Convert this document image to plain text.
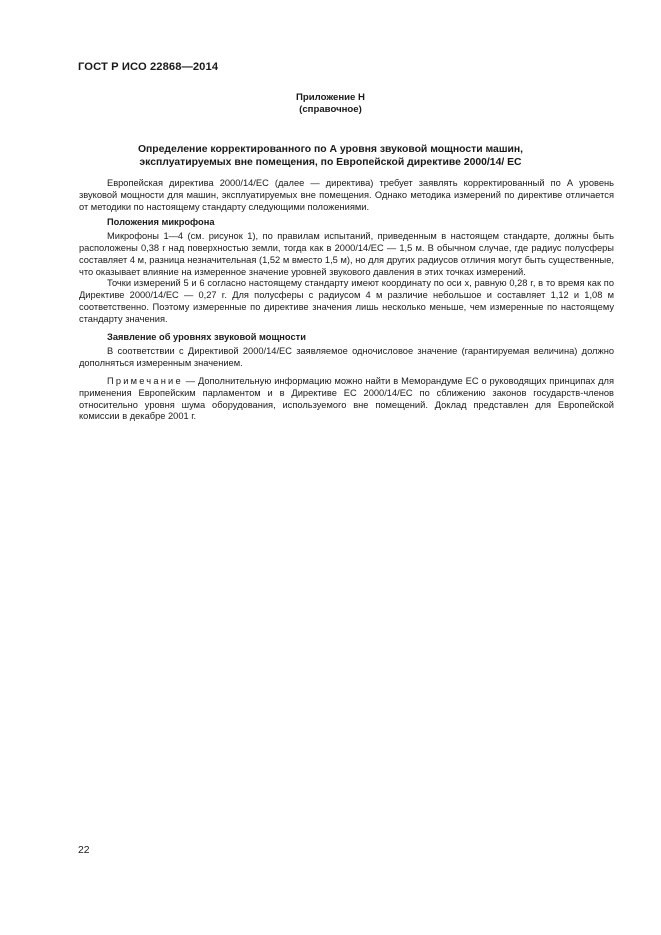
ГОСТ Р ИСО 22868—2014
Приложение Н
(справочное)
Определение корректированного по А уровня звуковой мощности машин,
эксплуатируемых вне помещения, по Европейской директиве 2000/14/ ЕС

Европейская директива 2000/14/ЕС (далее — директива) требует заявлять корректированный по А уровень звуковой мощности для машин, эксплуатируемых вне помещения. Однако методика измерений по директиве отличается от методики по настоящему стандарту следующими положениями.

Положения микрофона

Микрофоны 1—4 (см. рисунок 1), по правилам испытаний, приведенным в настоящем стандарте, должны быть расположены 0,38 r над поверхностью земли, тогда как в 2000/14/ЕС — 1,5 м. В обычном случае, где радиус полусферы составляет 4 м, разница незначительная (1,52 м вместо 1,5 м), но для других радиусов отличия могут быть существенные, что оказывает влияние на измеренное значение уровней звукового давления в этих точках измерений.

Точки измерений 5 и 6 согласно настоящему стандарту имеют координату по оси x, равную 0,28 r, в то время как по Директиве 2000/14/ЕС — 0,27 r. Для полусферы с радиусом 4 м различие небольшое и составляет 1,12 и 1,08 м соответственно. Поэтому измеренные по директиве значения лишь несколько меньше, чем измеренные по настоящему стандарту значения.

Заявление об уровнях звуковой мощности

В соответствии с Директивой 2000/14/ЕС заявляемое одночисловое значение (гарантируемая величина) должно дополняться измеренным значением.

Примечание — Дополнительную информацию можно найти в Меморандуме ЕС о руководящих принципах для применения Европейским парламентом и в Директиве ЕС 2000/14/ЕС по сближению законов государств-членов относительно уровня шума оборудования, используемого вне помещений. Доклад представлен для Европейской комиссии в декабре 2001 г.

22
